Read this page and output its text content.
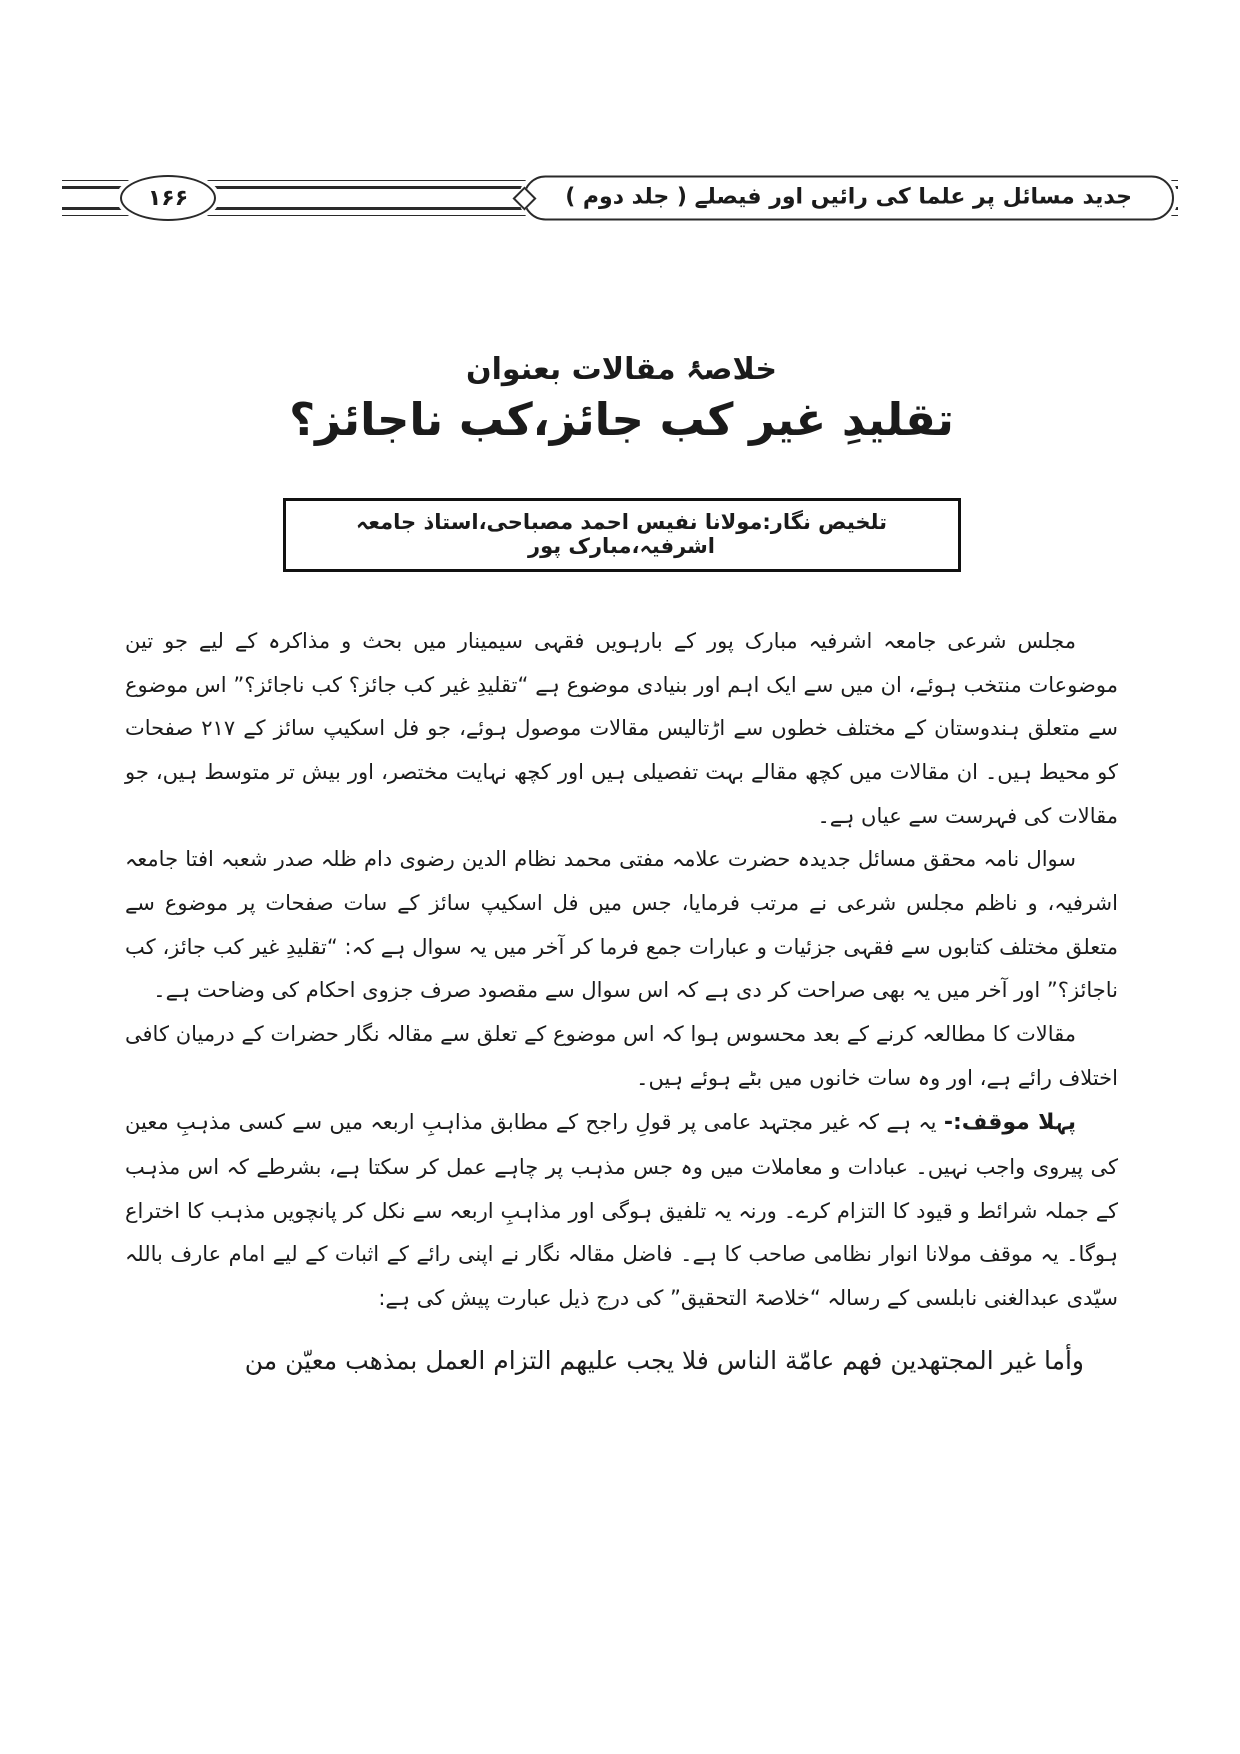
۱۶۶	جدید مسائل پر علما کی رائیں اور فیصلے ( جلد دوم )
خلاصۂ مقالات بعنوان
تقلیدِ غیر کب جائز،کب ناجائز؟
تلخیص نگار:مولانا نفیس احمد مصباحی،استاذ جامعہ اشرفیہ،مبارک پور

مجلس شرعی جامعہ اشرفیہ مبارک پور کے بارہویں فقہی سیمینار میں بحث و مذاکرہ کے لیے جو تین موضوعات منتخب ہوئے، ان میں سے ایک اہم اور بنیادی موضوع ہے “تقلیدِ غیر کب جائز؟ کب ناجائز؟” اس موضوع سے متعلق ہندوستان کے مختلف خطوں سے اڑتالیس مقالات موصول ہوئے، جو فل اسکیپ سائز کے ۲۱۷ صفحات کو محیط ہیں۔ ان مقالات میں کچھ مقالے بہت تفصیلی ہیں اور کچھ نہایت مختصر، اور بیش تر متوسط ہیں، جو مقالات کی فہرست سے عیاں ہے۔

سوال نامہ محقق مسائل جدیدہ حضرت علامہ مفتی محمد نظام الدین رضوی دام ظلہ صدر شعبہ افتا جامعہ اشرفیہ، و ناظم مجلس شرعی نے مرتب فرمایا، جس میں فل اسکیپ سائز کے سات صفحات پر موضوع سے متعلق مختلف کتابوں سے فقہی جزئیات و عبارات جمع فرما کر آخر میں یہ سوال ہے کہ: “تقلیدِ غیر کب جائز، کب ناجائز؟” اور آخر میں یہ بھی صراحت کر دی ہے کہ اس سوال سے مقصود صرف جزوی احکام کی وضاحت ہے۔

مقالات کا مطالعہ کرنے کے بعد محسوس ہوا کہ اس موضوع کے تعلق سے مقالہ نگار حضرات کے درمیان کافی اختلاف رائے ہے، اور وہ سات خانوں میں بٹے ہوئے ہیں۔

پہلا موقف:- یہ ہے کہ غیر مجتہد عامی پر قولِ راجح کے مطابق مذاہبِ اربعہ میں سے کسی مذہبِ معین کی پیروی واجب نہیں۔ عبادات و معاملات میں وہ جس مذہب پر چاہے عمل کر سکتا ہے، بشرطے کہ اس مذہب کے جملہ شرائط و قیود کا التزام کرے۔ ورنہ یہ تلفیق ہوگی اور مذاہبِ اربعہ سے نکل کر پانچویں مذہب کا اختراع ہوگا۔ یہ موقف مولانا انوار نظامی صاحب کا ہے۔ فاضل مقالہ نگار نے اپنی رائے کے اثبات کے لیے امام عارف باللہ سیّدی عبدالغنی نابلسی کے رسالہ “خلاصۃ التحقیق” کی درج ذیل عبارت پیش کی ہے:

وأما غير المجتهدين فهم عامّة الناس فلا يجب عليهم التزام العمل بمذهب معيّن من
